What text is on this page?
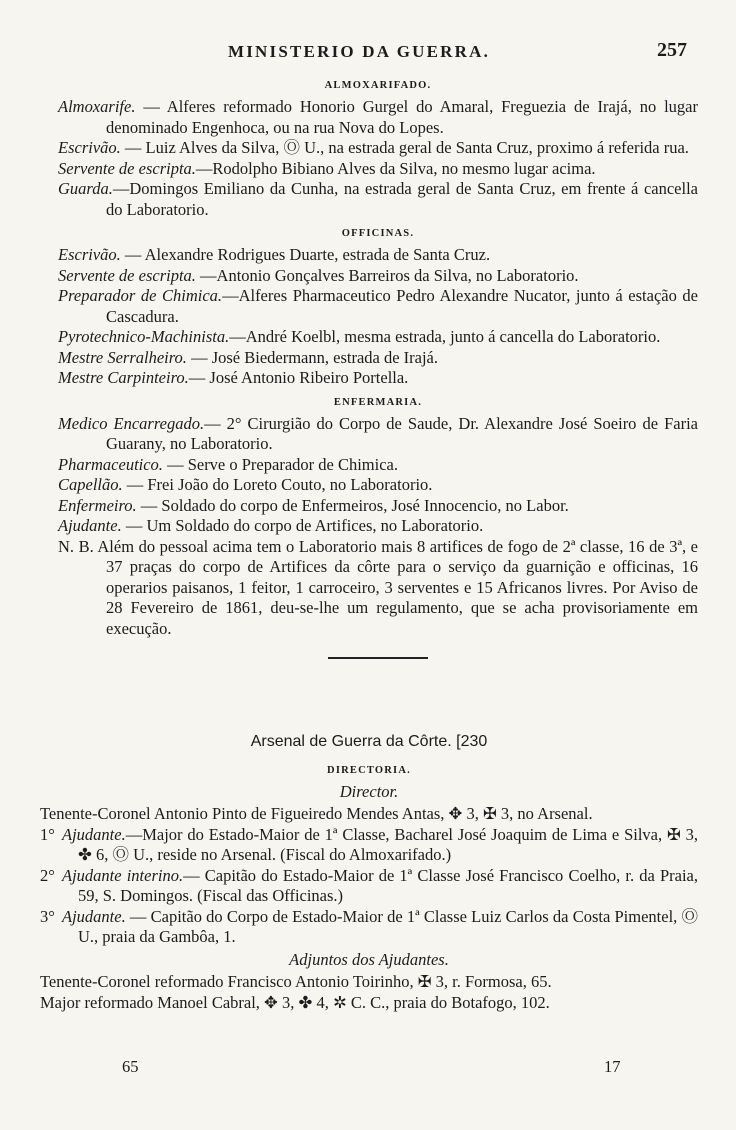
MINISTERIO DA GUERRA.	257
ALMOXARIFADO.

Almoxarife. — Alferes reformado Honorio Gurgel do Amaral, Freguezia de Irajá, no lugar denominado Engenhoca, ou na rua Nova do Lopes.

Escrivão. — Luiz Alves da Silva, Ⓞ U., na estrada geral de Santa Cruz, proximo á referida rua.

Servente de escripta.—Rodolpho Bibiano Alves da Silva, no mesmo lugar acima.

Guarda.—Domingos Emiliano da Cunha, na estrada geral de Santa Cruz, em frente á cancella do Laboratorio.

OFFICINAS.

Escrivão. — Alexandre Rodrigues Duarte, estrada de Santa Cruz.

Servente de escripta. —Antonio Gonçalves Barreiros da Silva, no Laboratorio.

Preparador de Chimica.—Alferes Pharmaceutico Pedro Alexandre Nucator, junto á estação de Cascadura.

Pyrotechnico-Machinista.—André Koelbl, mesma estrada, junto á cancella do Laboratorio.

Mestre Serralheiro. — José Biedermann, estrada de Irajá.

Mestre Carpinteiro.— José Antonio Ribeiro Portella.

ENFERMARIA.

Medico Encarregado.— 2° Cirurgião do Corpo de Saude, Dr. Alexandre José Soeiro de Faria Guarany, no Laboratorio.

Pharmaceutico. — Serve o Preparador de Chimica.

Capellão. — Frei João do Loreto Couto, no Laboratorio.

Enfermeiro. — Soldado do corpo de Enfermeiros, José Innocencio, no Labor.

Ajudante. — Um Soldado do corpo de Artifices, no Laboratorio.

N. B. Além do pessoal acima tem o Laboratorio mais 8 artifices de fogo de 2ª classe, 16 de 3ª, e 37 praças do corpo de Artifices da côrte para o serviço da guarnição e officinas, 16 operarios paisanos, 1 feitor, 1 carroceiro, 3 serventes e 15 Africanos livres. Por Aviso de 28 Fevereiro de 1861, deu-se-lhe um regulamento, que se acha provisoriamente em execução.

Arsenal de Guerra da Côrte. [230
DIRECTORIA.
Director.

Tenente-Coronel Antonio Pinto de Figueiredo Mendes Antas, ✥ 3, ✠ 3, no Arsenal.

1° Ajudante.—Major do Estado-Maior de 1ª Classe, Bacharel José Joaquim de Lima e Silva, ✠ 3, ✤ 6, Ⓞ U., reside no Arsenal. (Fiscal do Almoxarifado.)

2° Ajudante interino.— Capitão do Estado-Maior de 1ª Classe José Francisco Coelho, r. da Praia, 59, S. Domingos. (Fiscal das Officinas.)

3° Ajudante. — Capitão do Corpo de Estado-Maior de 1ª Classe Luiz Carlos da Costa Pimentel, Ⓞ U., praia da Gambôa, 1.

Adjuntos dos Ajudantes.

Tenente-Coronel reformado Francisco Antonio Toirinho, ✠ 3, r. Formosa, 65.

Major reformado Manoel Cabral, ✥ 3, ✤ 4, ✲ C. C., praia do Botafogo, 102.

65	17
